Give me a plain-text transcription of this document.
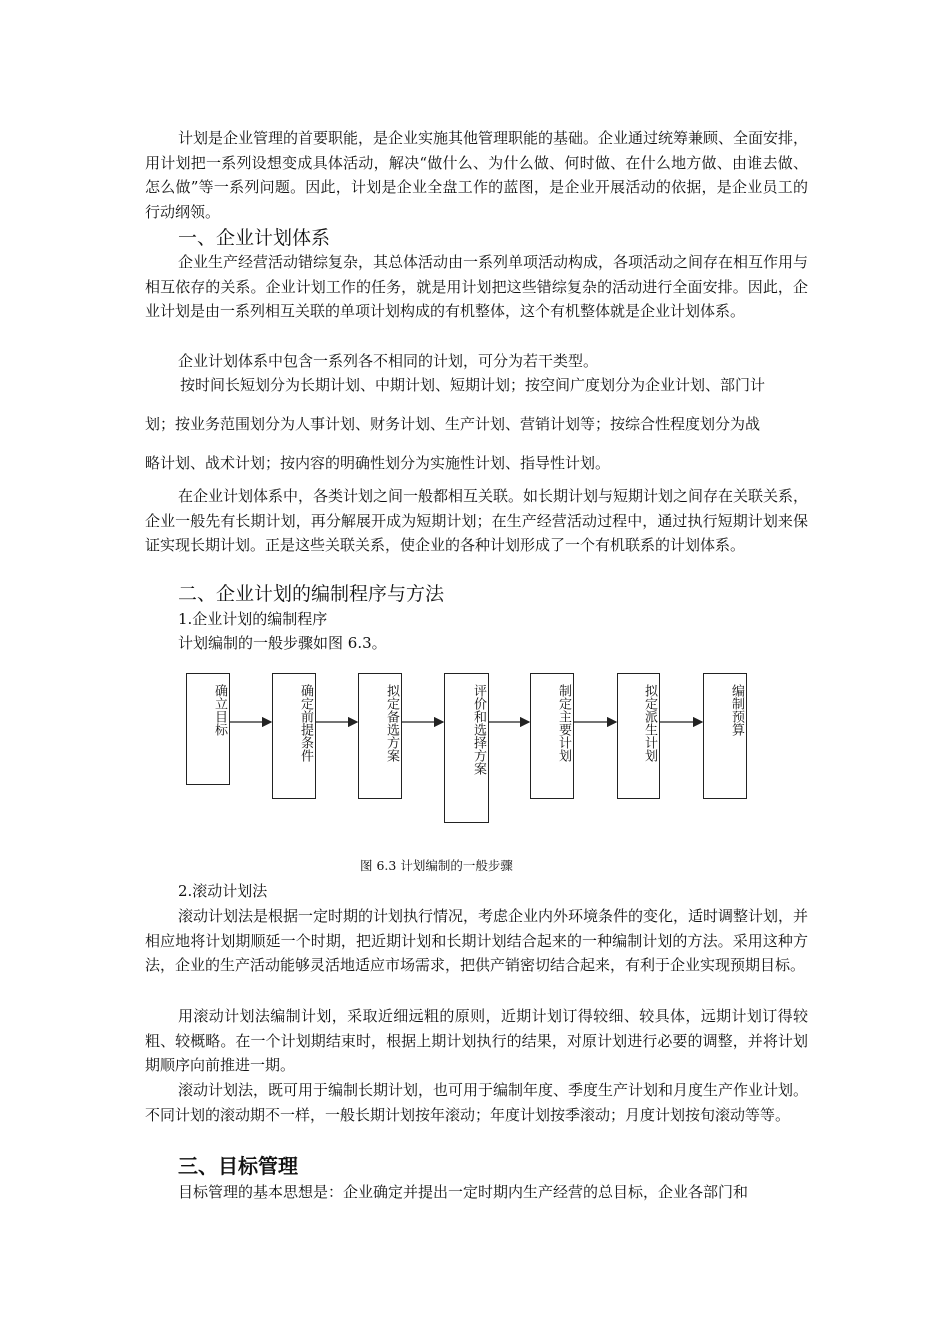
计划是企业管理的首要职能，是企业实施其他管理职能的基础。企业通过统筹兼顾、全面安排，用计划把一系列设想变成具体活动，解决“做什么、为什么做、何时做、在什么地方做、由谁去做、怎么做”等一系列问题。因此，计划是企业全盘工作的蓝图，是企业开展活动的依据，是企业员工的行动纲领。

一、企业计划体系

企业生产经营活动错综复杂，其总体活动由一系列单项活动构成，各项活动之间存在相互作用与相互依存的关系。企业计划工作的任务，就是用计划把这些错综复杂的活动进行全面安排。因此，企业计划是由一系列相互关联的单项计划构成的有机整体，这个有机整体就是企业计划体系。

企业计划体系中包含一系列各不相同的计划，可分为若干类型。

按时间长短划分为长期计划、中期计划、短期计划；按空间广度划分为企业计划、部门计

划；按业务范围划分为人事计划、财务计划、生产计划、营销计划等；按综合性程度划分为战

略计划、战术计划；按内容的明确性划分为实施性计划、指导性计划。

在企业计划体系中，各类计划之间一般都相互关联。如长期计划与短期计划之间存在关联关系，企业一般先有长期计划，再分解展开成为短期计划；在生产经营活动过程中，通过执行短期计划来保证实现长期计划。正是这些关联关系，使企业的各种计划形成了一个有机联系的计划体系。

二、企业计划的编制程序与方法

1.企业计划的编制程序

计划编制的一般步骤如图 6.3。

确立目标	确定前提条件	拟定备选方案	评价和选择方案	制定主要计划	拟定派生计划	编制预算
图 6.3 计划编制的一般步骤

2.滚动计划法

滚动计划法是根据一定时期的计划执行情况，考虑企业内外环境条件的变化，适时调整计划，并相应地将计划期顺延一个时期，把近期计划和长期计划结合起来的一种编制计划的方法。采用这种方法，企业的生产活动能够灵活地适应市场需求，把供产销密切结合起来，有利于企业实现预期目标。

用滚动计划法编制计划，采取近细远粗的原则，近期计划订得较细、较具体，远期计划订得较粗、较概略。在一个计划期结束时，根据上期计划执行的结果，对原计划进行必要的调整，并将计划期顺序向前推进一期。

滚动计划法，既可用于编制长期计划，也可用于编制年度、季度生产计划和月度生产作业计划。不同计划的滚动期不一样，一般长期计划按年滚动；年度计划按季滚动；月度计划按旬滚动等等。

三、目标管理

目标管理的基本思想是：企业确定并提出一定时期内生产经营的总目标，企业各部门和
